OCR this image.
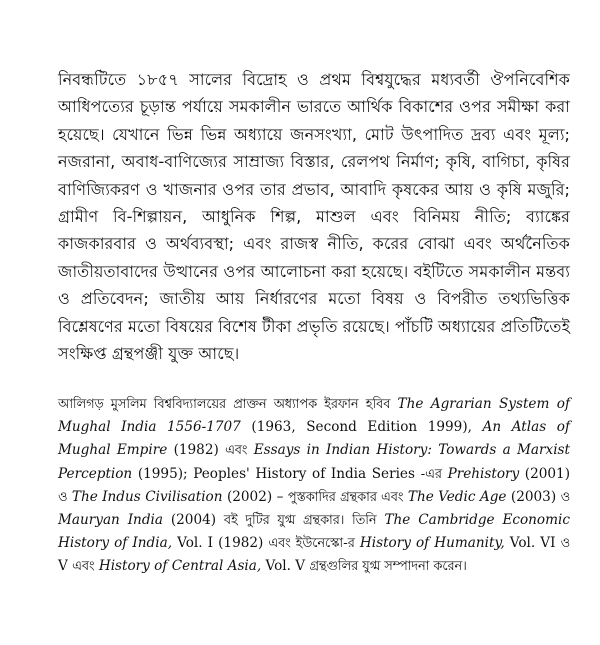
নিবন্ধটিতে ১৮৫৭ সালের বিদ্রোহ ও প্রথম বিশ্বযুদ্ধের মধ্যবর্তী ঔপনিবেশিক আধিপত্যের চূড়ান্ত পর্যায়ে সমকালীন ভারতে আর্থিক বিকাশের ওপর সমীক্ষা করা হয়েছে। যেখানে ভিন্ন ভিন্ন অধ্যায়ে জনসংখ্যা, মোট উৎপাদিত দ্রব্য এবং মূল্য; নজরানা, অবাধ-বাণিজ্যের সাম্রাজ্য বিস্তার, রেলপথ নির্মাণ; কৃষি, বাগিচা, কৃষির বাণিজ্যিকরণ ও খাজনার ওপর তার প্রভাব, আবাদি কৃষকের আয় ও কৃষি মজুরি; গ্রামীণ বি-শিল্পায়ন, আধুনিক শিল্প, মাশুল এবং বিনিময় নীতি; ব্যাঙ্কের কাজকারবার ও অর্থব্যবস্থা; এবং রাজস্ব নীতি, করের বোঝা এবং অর্থনৈতিক জাতীয়তাবাদের উত্থানের ওপর আলোচনা করা হয়েছে। বইটিতে সমকালীন মন্তব্য ও প্রতিবেদন; জাতীয় আয় নির্ধারণের মতো বিষয় ও বিপরীত তথ্যভিত্তিক বিশ্লেষণের মতো বিষয়ের বিশেষ টীকা প্রভৃতি রয়েছে। পাঁচটি অধ্যায়ের প্রতিটিতেই সংক্ষিপ্ত গ্রন্থপঞ্জী যুক্ত আছে।

আলিগড় মুসলিম বিশ্ববিদ্যালয়ের প্রাক্তন অধ্যাপক ইরফান হবিব The Agrarian System of Mughal India 1556-1707 (1963, Second Edition 1999), An Atlas of Mughal Empire (1982) এবং Essays in Indian History: Towards a Marxist Perception (1995); Peoples' History of India Series -এর Prehistory (2001) ও The Indus Civilisation (2002) – পুস্তকাদির গ্রন্থকার এবং The Vedic Age (2003) ও Mauryan India (2004) বই দুটির যুগ্ম গ্রন্থকার। তিনি The Cambridge Economic History of India, Vol. I (1982) এবং ইউনেস্কো-র History of Humanity, Vol. VI ও V এবং History of Central Asia, Vol. V গ্রন্থগুলির যুগ্ম সম্পাদনা করেন।
